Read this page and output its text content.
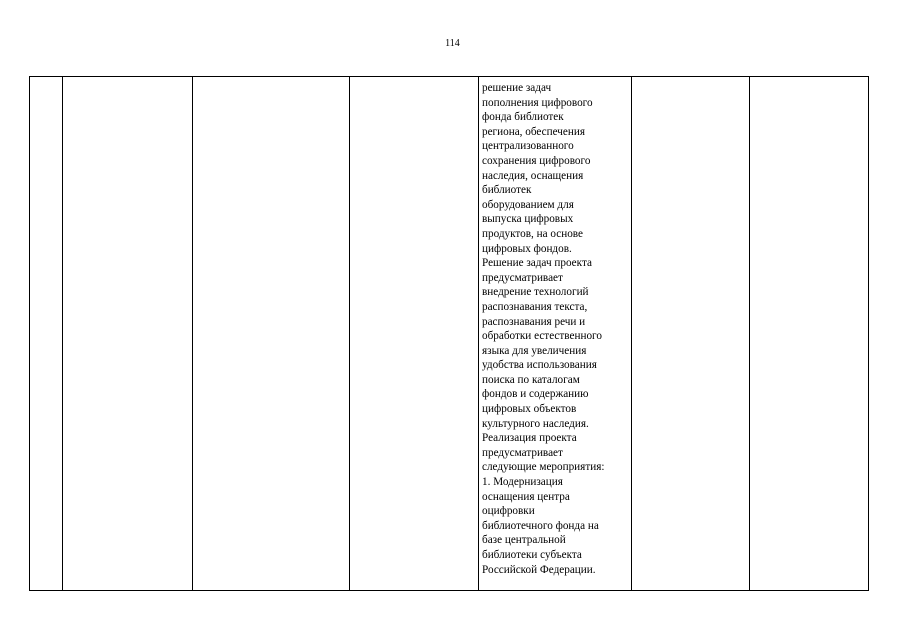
114

решение задач
пополнения цифрового
фонда библиотек
региона, обеспечения
централизованного
сохранения цифрового
наследия, оснащения
библиотек
оборудованием для
выпуска цифровых
продуктов, на основе
цифровых фондов.
Решение задач проекта
предусматривает
внедрение технологий
распознавания текста,
распознавания речи и
обработки естественного
языка для увеличения
удобства использования
поиска по каталогам
фондов и содержанию
цифровых объектов
культурного наследия.
Реализация проекта
предусматривает
следующие мероприятия:
1. Модернизация
оснащения центра
оцифровки
библиотечного фонда на
базе центральной
библиотеки субъекта
Российской Федерации.
